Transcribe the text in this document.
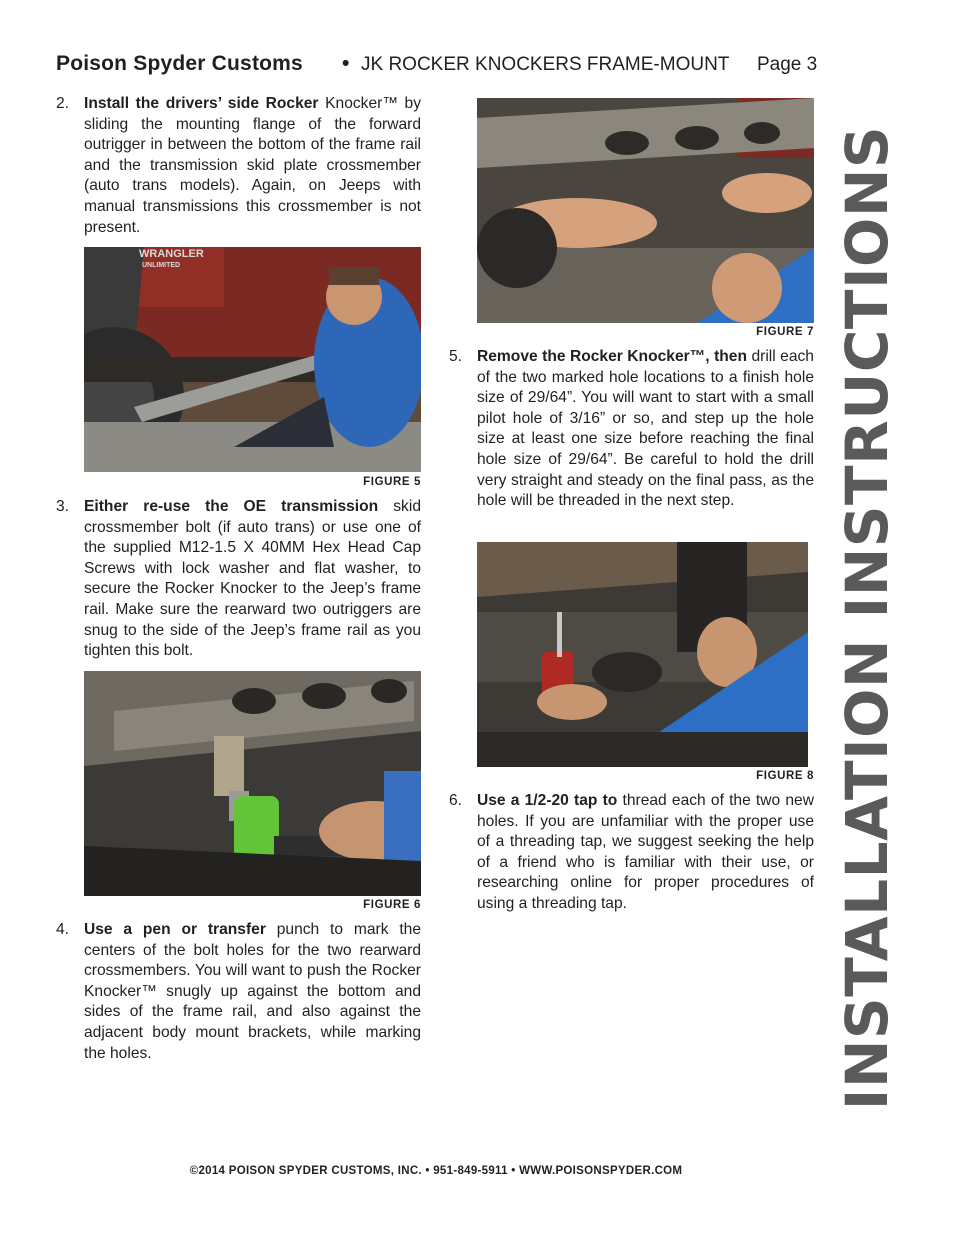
Poison Spyder Customs • JK ROCKER KNOCKERS FRAME-MOUNT Page 3
2. Install the drivers’ side Rocker Knocker™ by sliding the mounting flange of the forward outrigger in between the bottom of the frame rail and the transmission skid plate crossmember (auto trans models). Again, on Jeeps with manual transmissions this crossmember is not present.
WRANGLER
UNLIMITED
FIGURE 5
3. Either re-use the OE transmission skid crossmember bolt (if auto trans) or use one of the supplied M12-1.5 X 40MM Hex Head Cap Screws with lock washer and flat washer, to secure the Rocker Knocker to the Jeep’s frame rail. Make sure the rearward two outriggers are snug to the side of the Jeep’s frame rail as you tighten this bolt.
FIGURE 6
4. Use a pen or transfer punch to mark the centers of the bolt holes for the two rearward crossmembers. You will want to push the Rocker Knocker™ snugly up against the bottom and sides of the frame rail, and also against the adjacent body mount brackets, while marking the holes.
FIGURE 7
5. Remove the Rocker Knocker™, then drill each of the two marked hole locations to a finish hole size of 29/64”. You will want to start with a small pilot hole of 3/16” or so, and step up the hole size at least one size before reaching the final hole size of 29/64”. Be careful to hold the drill very straight and steady on the final pass, as the hole will be threaded in the next step.
FIGURE 8
6. Use a 1/2-20 tap to thread each of the two new holes. If you are unfamiliar with the proper use of a threading tap, we suggest seeking the help of a friend who is familiar with their use, or researching online for proper procedures of using a threading tap.	INSTALLATION INSTRUCTIONS
©2014 POISON SPYDER CUSTOMS, INC. • 951-849-5911 • WWW.POISONSPYDER.COM
